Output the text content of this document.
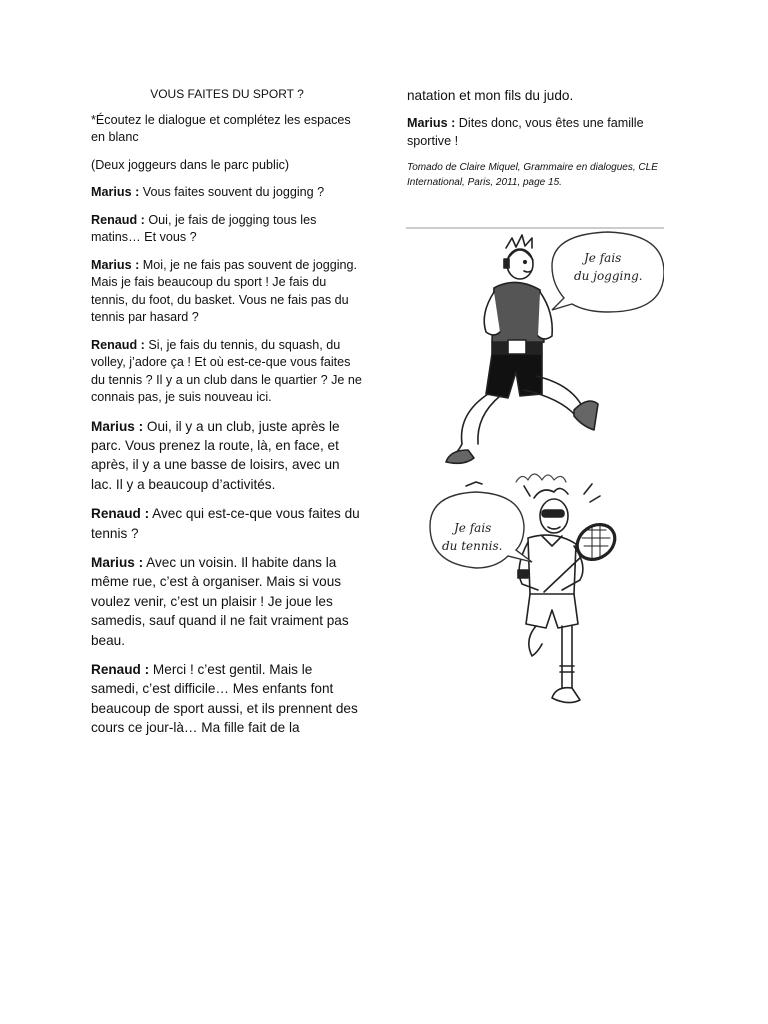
VOUS FAITES DU SPORT ?

*Écoutez le dialogue et complétez les espaces en blanc

(Deux joggeurs dans le parc public)

Marius : Vous faites souvent du jogging ?

Renaud : Oui, je fais de jogging tous les matins… Et vous ?

Marius : Moi, je ne fais pas souvent de jogging. Mais je fais beaucoup du sport ! Je fais du tennis, du foot, du basket. Vous ne fais pas du tennis par hasard ?

Renaud : Si, je fais du tennis, du squash, du volley, j’adore ça ! Et où est-ce-que vous faites du tennis ? Il y a un club dans le quartier ? Je ne connais pas, je suis nouveau ici.

Marius : Oui, il y a un club, juste après le parc. Vous prenez la route, là, en face, et après, il y a une basse de loisirs, avec un lac. Il y a beaucoup d’activités.

Renaud : Avec qui est-ce-que vous faites du tennis ?

Marius : Avec un voisin. Il habite dans la même rue, c’est à organiser. Mais si vous voulez venir, c’est un plaisir ! Je joue les samedis, sauf quand il ne fait vraiment pas beau.

Renaud : Merci ! c’est gentil. Mais le samedi, c’est difficile… Mes enfants font beaucoup de sport aussi, et ils prennent des cours ce jour-là… Ma fille fait de la

natation et mon fils du judo.

Marius : Dites donc, vous êtes une famille sportive !

Tomado de Claire Miquel, Grammaire en dialogues, CLE International, Paris, 2011, page 15.

Je fais
du jogging.
Je fais
du tennis.
